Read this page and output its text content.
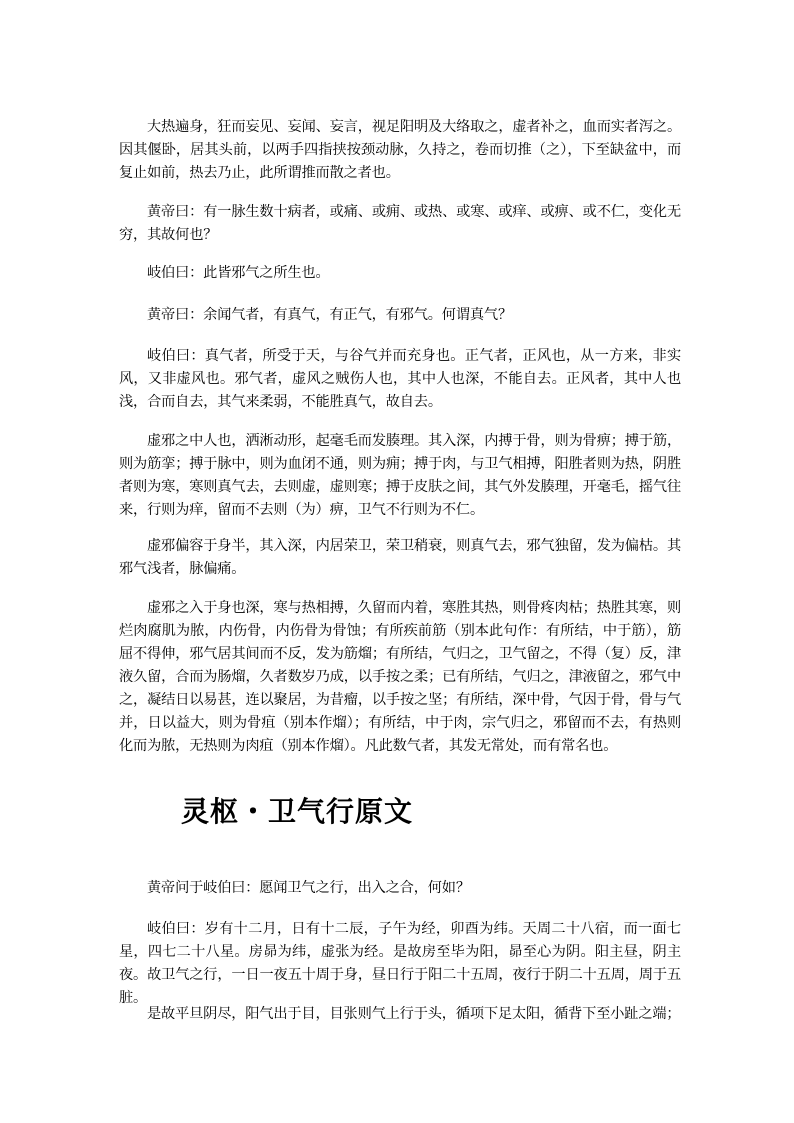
大热遍身，狂而妄见、妄闻、妄言，视足阳明及大络取之，虚者补之，血而实者泻之。因其偃卧，居其头前，以两手四指挟按颈动脉，久持之，卷而切推（之），下至缺盆中，而复止如前，热去乃止，此所谓推而散之者也。

黄帝曰：有一脉生数十病者，或痛、或痈、或热、或寒、或痒、或痹、或不仁，变化无穷，其故何也？

岐伯曰：此皆邪气之所生也。

黄帝曰：余闻气者，有真气，有正气，有邪气。何谓真气？

岐伯曰：真气者，所受于天，与谷气并而充身也。正气者，正风也，从一方来，非实风，又非虚风也。邪气者，虚风之贼伤人也，其中人也深，不能自去。正风者，其中人也浅，合而自去，其气来柔弱，不能胜真气，故自去。

虚邪之中人也，洒淅动形，起毫毛而发腠理。其入深，内搏于骨，则为骨痹；搏于筋，则为筋挛；搏于脉中，则为血闭不通，则为痈；搏于肉，与卫气相搏，阳胜者则为热，阴胜者则为寒，寒则真气去，去则虚，虚则寒；搏于皮肤之间，其气外发腠理，开毫毛，摇气往来，行则为痒，留而不去则（为）痹，卫气不行则为不仁。

虚邪偏容于身半，其入深，内居荣卫，荣卫稍衰，则真气去，邪气独留，发为偏枯。其邪气浅者，脉偏痛。

虚邪之入于身也深，寒与热相搏，久留而内着，寒胜其热，则骨疼肉枯；热胜其寒，则烂肉腐肌为脓，内伤骨，内伤骨为骨蚀；有所疾前筋（别本此句作：有所结，中于筋），筋屈不得伸，邪气居其间而不反，发为筋熘；有所结，气归之，卫气留之，不得（复）反，津液久留，合而为肠熘，久者数岁乃成，以手按之柔；已有所结，气归之，津液留之，邪气中之，凝结日以易甚，连以聚居，为昔瘤，以手按之坚；有所结，深中骨，气因于骨，骨与气并，日以益大，则为骨疽（别本作熘）；有所结，中于肉，宗气归之，邪留而不去，有热则化而为脓，无热则为肉疽（别本作熘）。凡此数气者，其发无常处，而有常名也。

灵枢・卫气行原文

黄帝问于岐伯曰：愿闻卫气之行，出入之合，何如？

岐伯曰：岁有十二月，日有十二辰，子午为经，卯酉为纬。天周二十八宿，而一面七星，四七二十八星。房昴为纬，虚张为经。是故房至毕为阳，昴至心为阴。阳主昼，阴主夜。故卫气之行，一日一夜五十周于身，昼日行于阳二十五周，夜行于阴二十五周，周于五脏。

是故平旦阴尽，阳气出于目，目张则气上行于头，循项下足太阳，循背下至小趾之端；
